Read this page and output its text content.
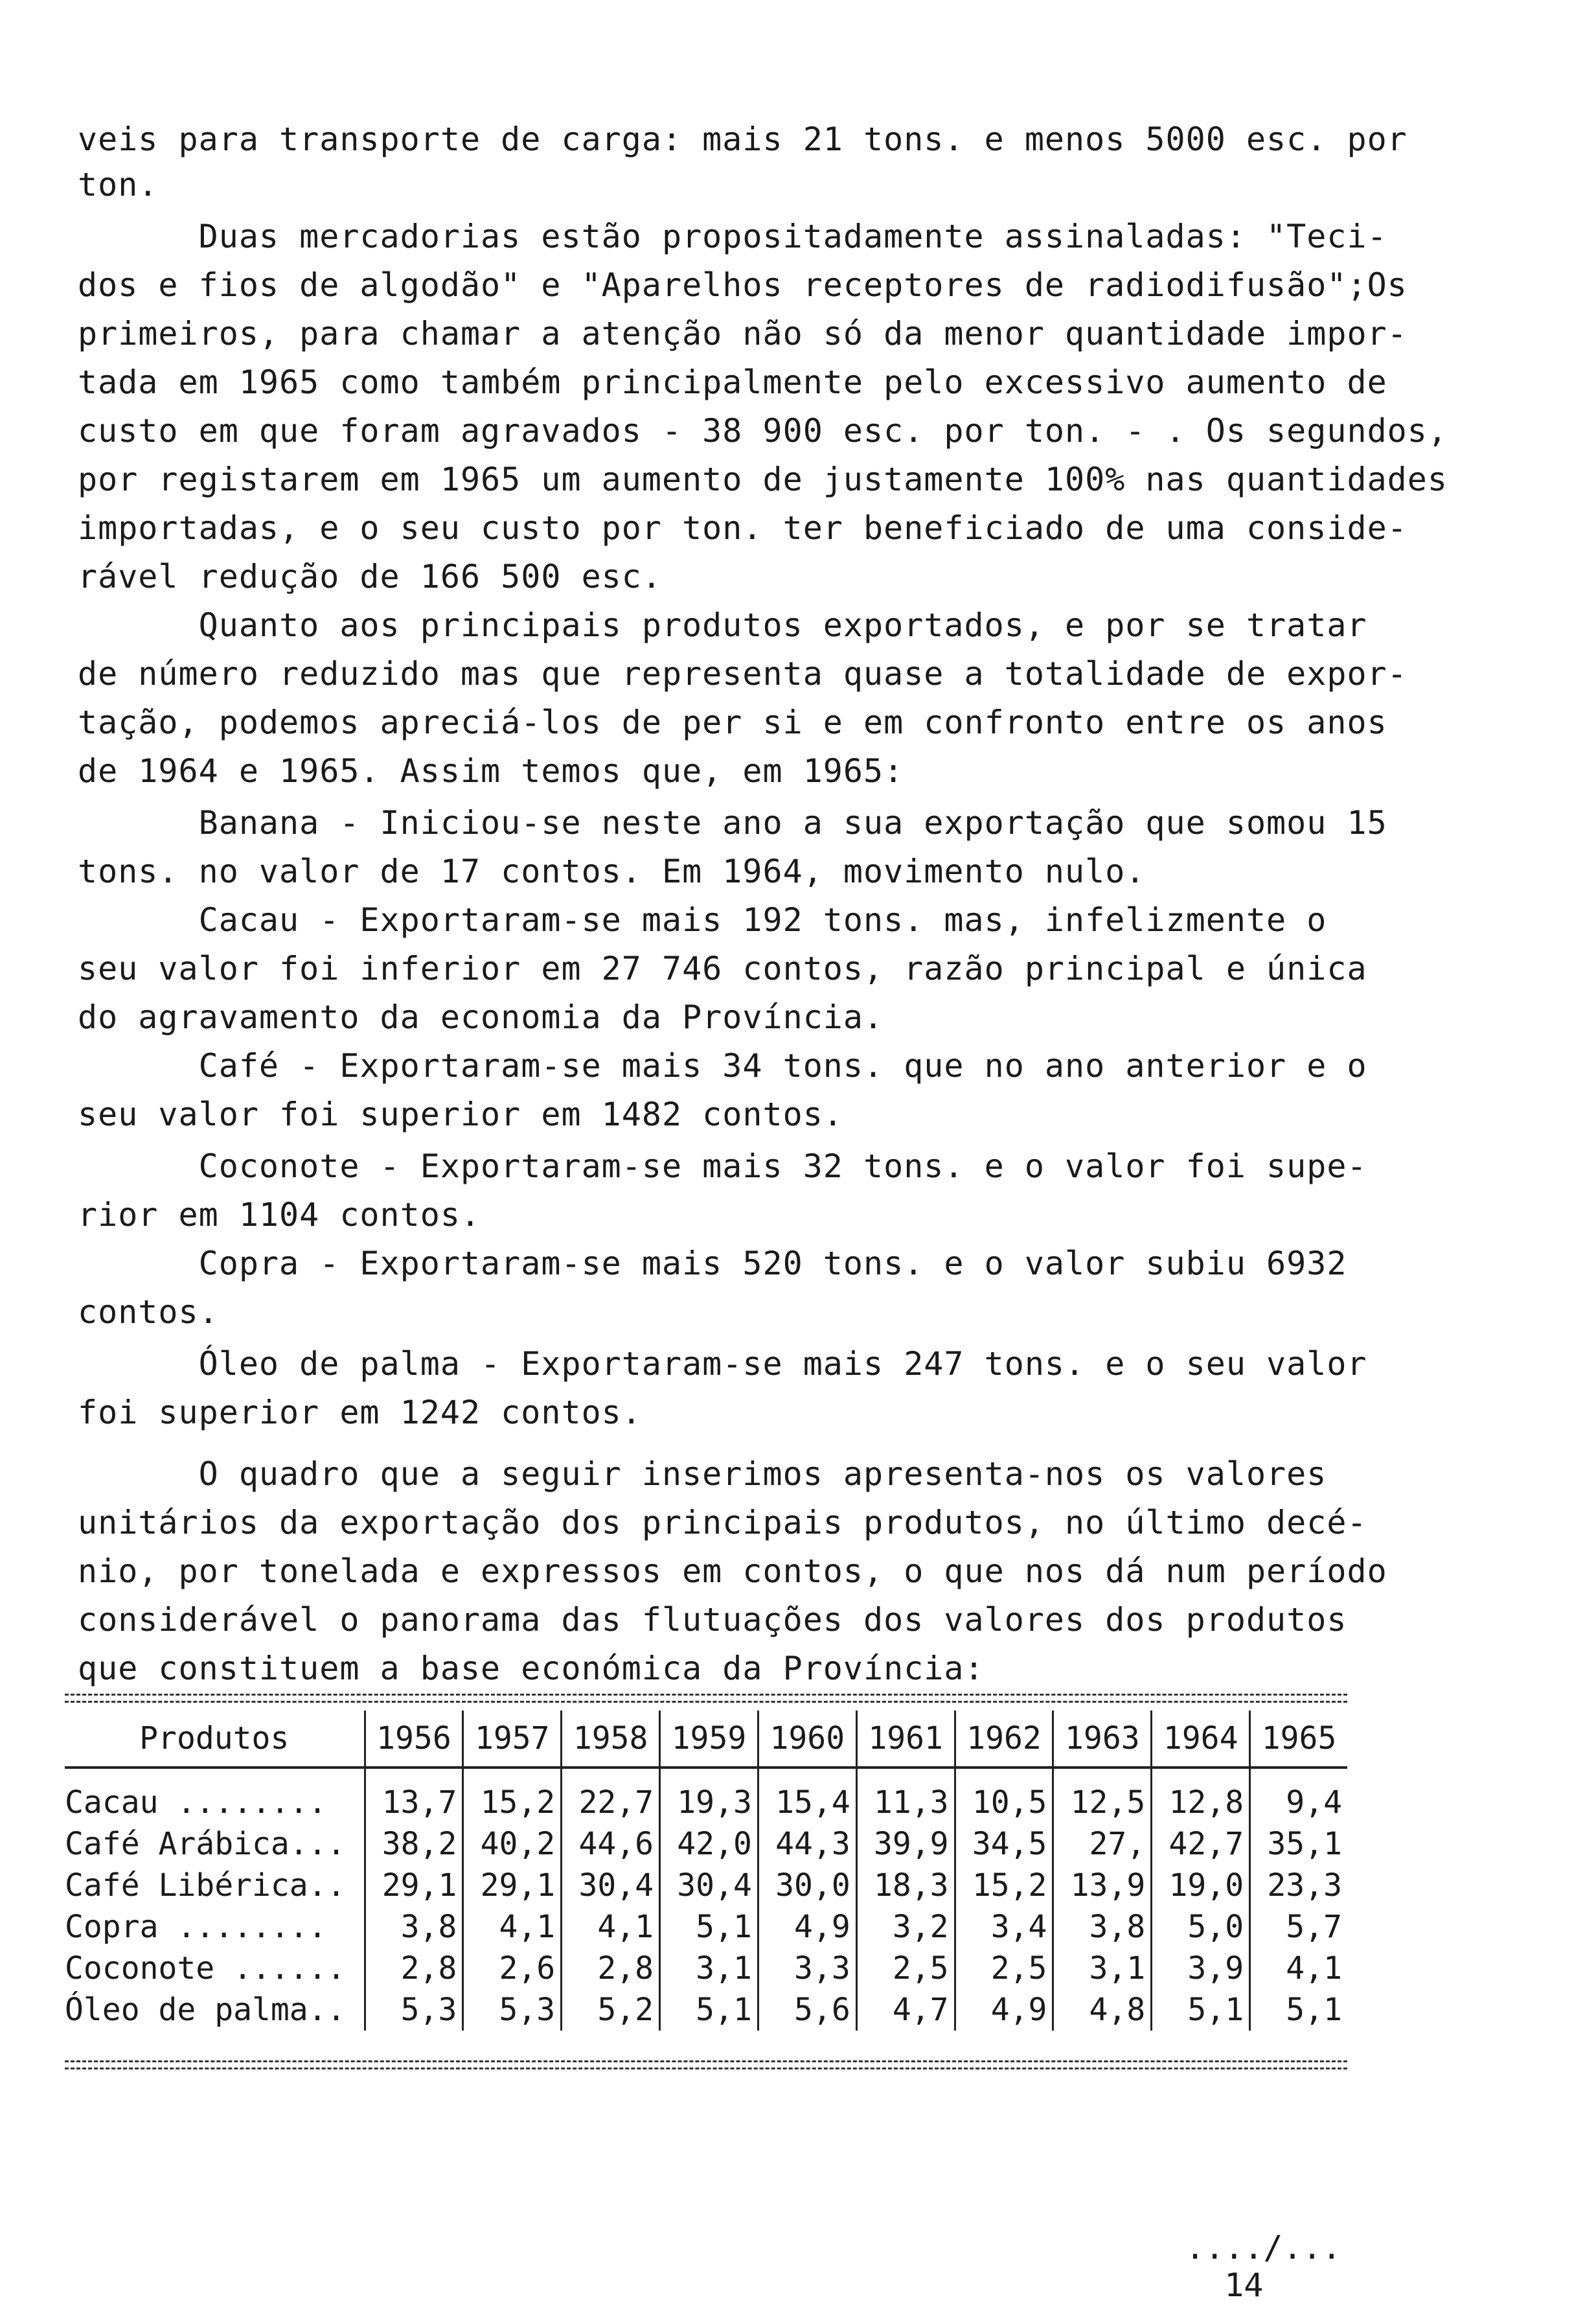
veis para transporte de carga: mais 21 tons. e menos 5000 esc. por
ton.
Duas mercadorias estão propositadamente assinaladas: "Teci-
dos e fios de algodão" e "Aparelhos receptores de radiodifusão";Os
primeiros, para chamar a atenção não só da menor quantidade impor-
tada em 1965 como também principalmente pelo excessivo aumento de
custo em que foram agravados - 38 900 esc. por ton. - . Os segundos,
por registarem em 1965 um aumento de justamente 100% nas quantidades
importadas, e o seu custo por ton. ter beneficiado de uma conside-
rável redução de 166 500 esc.
Quanto aos principais produtos exportados, e por se tratar
de número reduzido mas que representa quase a totalidade de expor-
tação, podemos apreciá-los de per si e em confronto entre os anos
de 1964 e 1965. Assim temos que, em 1965:
Banana - Iniciou-se neste ano a sua exportação que somou 15
tons. no valor de 17 contos. Em 1964, movimento nulo.
Cacau - Exportaram-se mais 192 tons. mas, infelizmente o
seu valor foi inferior em 27 746 contos, razão principal e única
do agravamento da economia da Província.
Café - Exportaram-se mais 34 tons. que no ano anterior e o
seu valor foi superior em 1482 contos.
Coconote - Exportaram-se mais 32 tons. e o valor foi supe-
rior em 1104 contos.
Copra - Exportaram-se mais 520 tons. e o valor subiu 6932
contos.
Óleo de palma - Exportaram-se mais 247 tons. e o seu valor
foi superior em 1242 contos.
O quadro que a seguir inserimos apresenta-nos os valores
unitários da exportação dos principais produtos, no último decé-
nio, por tonelada e expressos em contos, o que nos dá num período
considerável o panorama das flutuações dos valores dos produtos
que constituem a base económica da Província:
Produtos	1956	1957	1958	1959	1960	1961	1962	1963	1964	1965
Cacau ........	13,7	15,2	22,7	19,3	15,4	11,3	10,5	12,5	12,8	9,4
Café Arábica...	38,2	40,2	44,6	42,0	44,3	39,9	34,5	27,	42,7	35,1
Café Libérica..	29,1	29,1	30,4	30,4	30,0	18,3	15,2	13,9	19,0	23,3
Copra ........	3,8	4,1	4,1	5,1	4,9	3,2	3,4	3,8	5,0	5,7
Coconote ......	2,8	2,6	2,8	3,1	3,3	2,5	2,5	3,1	3,9	4,1
Óleo de palma..	5,3	5,3	5,2	5,1	5,6	4,7	4,9	4,8	5,1	5,1
..../...
14
